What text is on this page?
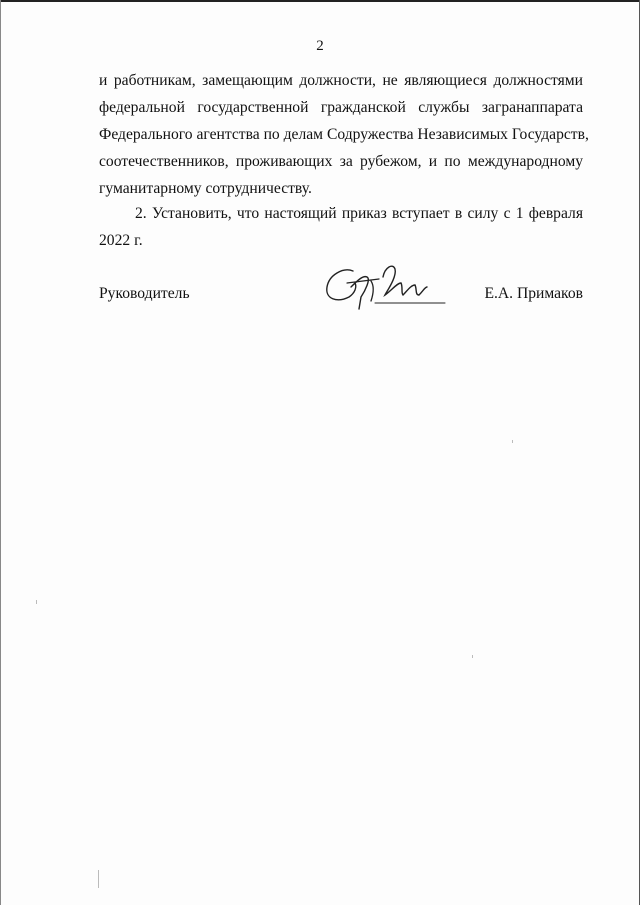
2

и работникам, замещающим должности, не являющиеся должностями
федеральной государственной гражданской службы загранаппарата
Федерального агентства по делам Содружества Независимых Государств,
соотечественников, проживающих за рубежом, и по международному
гуманитарному сотрудничеству.

2. Установить, что настоящий приказ вступает в силу с 1 февраля
2022 г.

Руководитель	Е.А. Примаков
